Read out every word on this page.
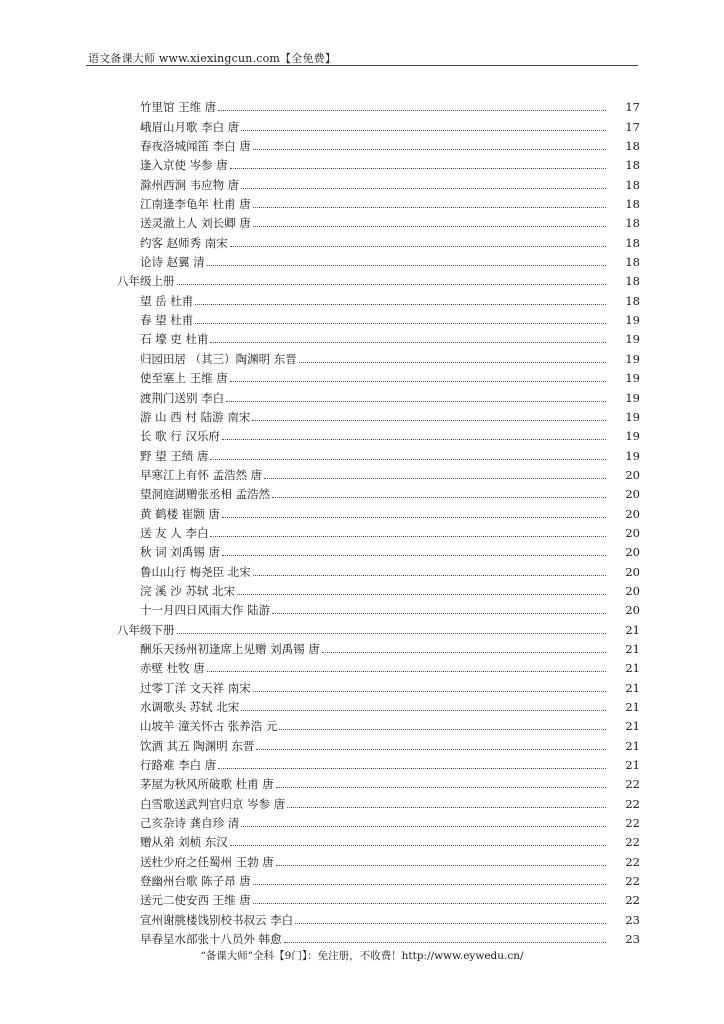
语文备课大师 www.xiexingcun.com【全免费】
竹里馆 王维 唐	17
峨眉山月歌 李白 唐	17
春夜洛城闻笛 李白 唐	18
逢入京使 岑参 唐	18
滁州西涧 韦应物 唐	18
江南逢李龟年 杜甫 唐	18
送灵澈上人 刘长卿 唐	18
约客 赵师秀 南宋	18
论诗 赵翼 清	18
八年级上册	18
望 岳 杜甫	18
春 望 杜甫	19
石 壕 吏 杜甫	19
归园田居 （其三）陶渊明 东晋	19
使至塞上 王维 唐	19
渡荆门送别 李白	19
游 山 西 村 陆游 南宋	19
长 歌 行 汉乐府	19
野 望 王绩 唐	19
早寒江上有怀 孟浩然 唐	20
望洞庭湖赠张丞相 孟浩然	20
黄 鹤楼 崔颢 唐	20
送 友 人 李白	20
秋 词 刘禹锡 唐	20
鲁山山行 梅尧臣 北宋	20
浣 溪 沙 苏轼 北宋	20
十一月四日风雨大作 陆游	20
八年级下册	21
酬乐天扬州初逢席上见赠 刘禹锡 唐	21
赤壁 杜牧 唐	21
过零丁洋 文天祥 南宋	21
水调歌头 苏轼 北宋	21
山坡羊 潼关怀古 张养浩 元	21
饮酒 其五 陶渊明 东晋	21
行路难 李白 唐	21
茅屋为秋风所破歌 杜甫 唐	22
白雪歌送武判官归京 岑参 唐	22
己亥杂诗 龚自珍 清	22
赠从弟 刘桢 东汉	22
送杜少府之任蜀州 王勃 唐	22
登幽州台歌 陈子昂 唐	22
送元二使安西 王维 唐	22
宣州谢朓楼饯别校书叔云 李白	23
早春呈水部张十八员外 韩愈	23
“备课大师”全科【9门】：免注册，不收费！http://www.eywedu.cn/
